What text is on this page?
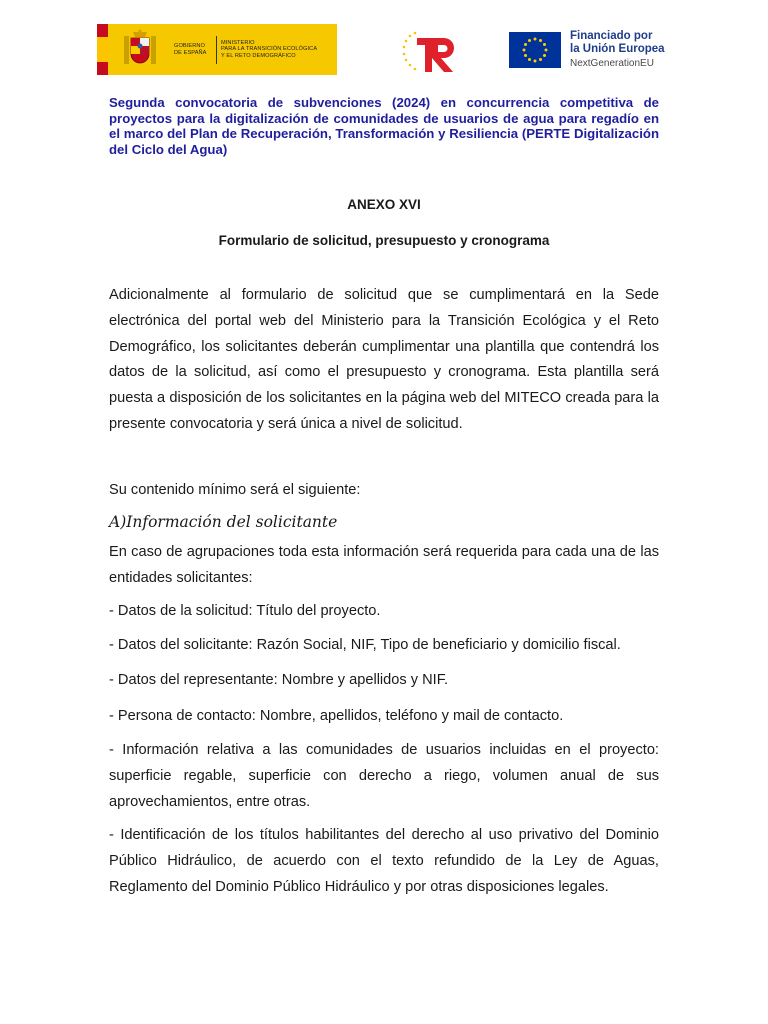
GOBIERNO
DE ESPAÑA
MINISTERIO
PARA LA TRANSICIÓN ECOLÓGICA
Y EL RETO DEMOGRÁFICO
Financiado por
la Unión Europea
NextGenerationEU
Segunda convocatoria de subvenciones (2024) en concurrencia competitiva de proyectos para la digitalización de comunidades de usuarios de agua para regadío en el marco del Plan de Recuperación, Transformación y Resiliencia (PERTE Digitalización del Ciclo del Agua)
ANEXO XVI
Formulario de solicitud, presupuesto y cronograma
Adicionalmente al formulario de solicitud que se cumplimentará en la Sede electrónica del portal web del Ministerio para la Transición Ecológica y el Reto Demográfico, los solicitantes deberán cumplimentar una plantilla que contendrá los datos de la solicitud, así como el presupuesto y cronograma. Esta plantilla será puesta a disposición de los solicitantes en la página web del MITECO creada para la presente convocatoria y será única a nivel de solicitud.
Su contenido mínimo será el siguiente:
A)Información del solicitante
En caso de agrupaciones toda esta información será requerida para cada una de las entidades solicitantes:
- Datos de la solicitud: Título del proyecto.
- Datos del solicitante: Razón Social, NIF, Tipo de beneficiario y domicilio fiscal.
- Datos del representante: Nombre y apellidos y NIF.
- Persona de contacto: Nombre, apellidos, teléfono y mail de contacto.
- Información relativa a las comunidades de usuarios incluidas en el proyecto: superficie regable, superficie con derecho a riego, volumen anual de sus aprovechamientos, entre otras.
- Identificación de los títulos habilitantes del derecho al uso privativo del Dominio Público Hidráulico, de acuerdo con el texto refundido de la Ley de Aguas, Reglamento del Dominio Público Hidráulico y por otras disposiciones legales.
